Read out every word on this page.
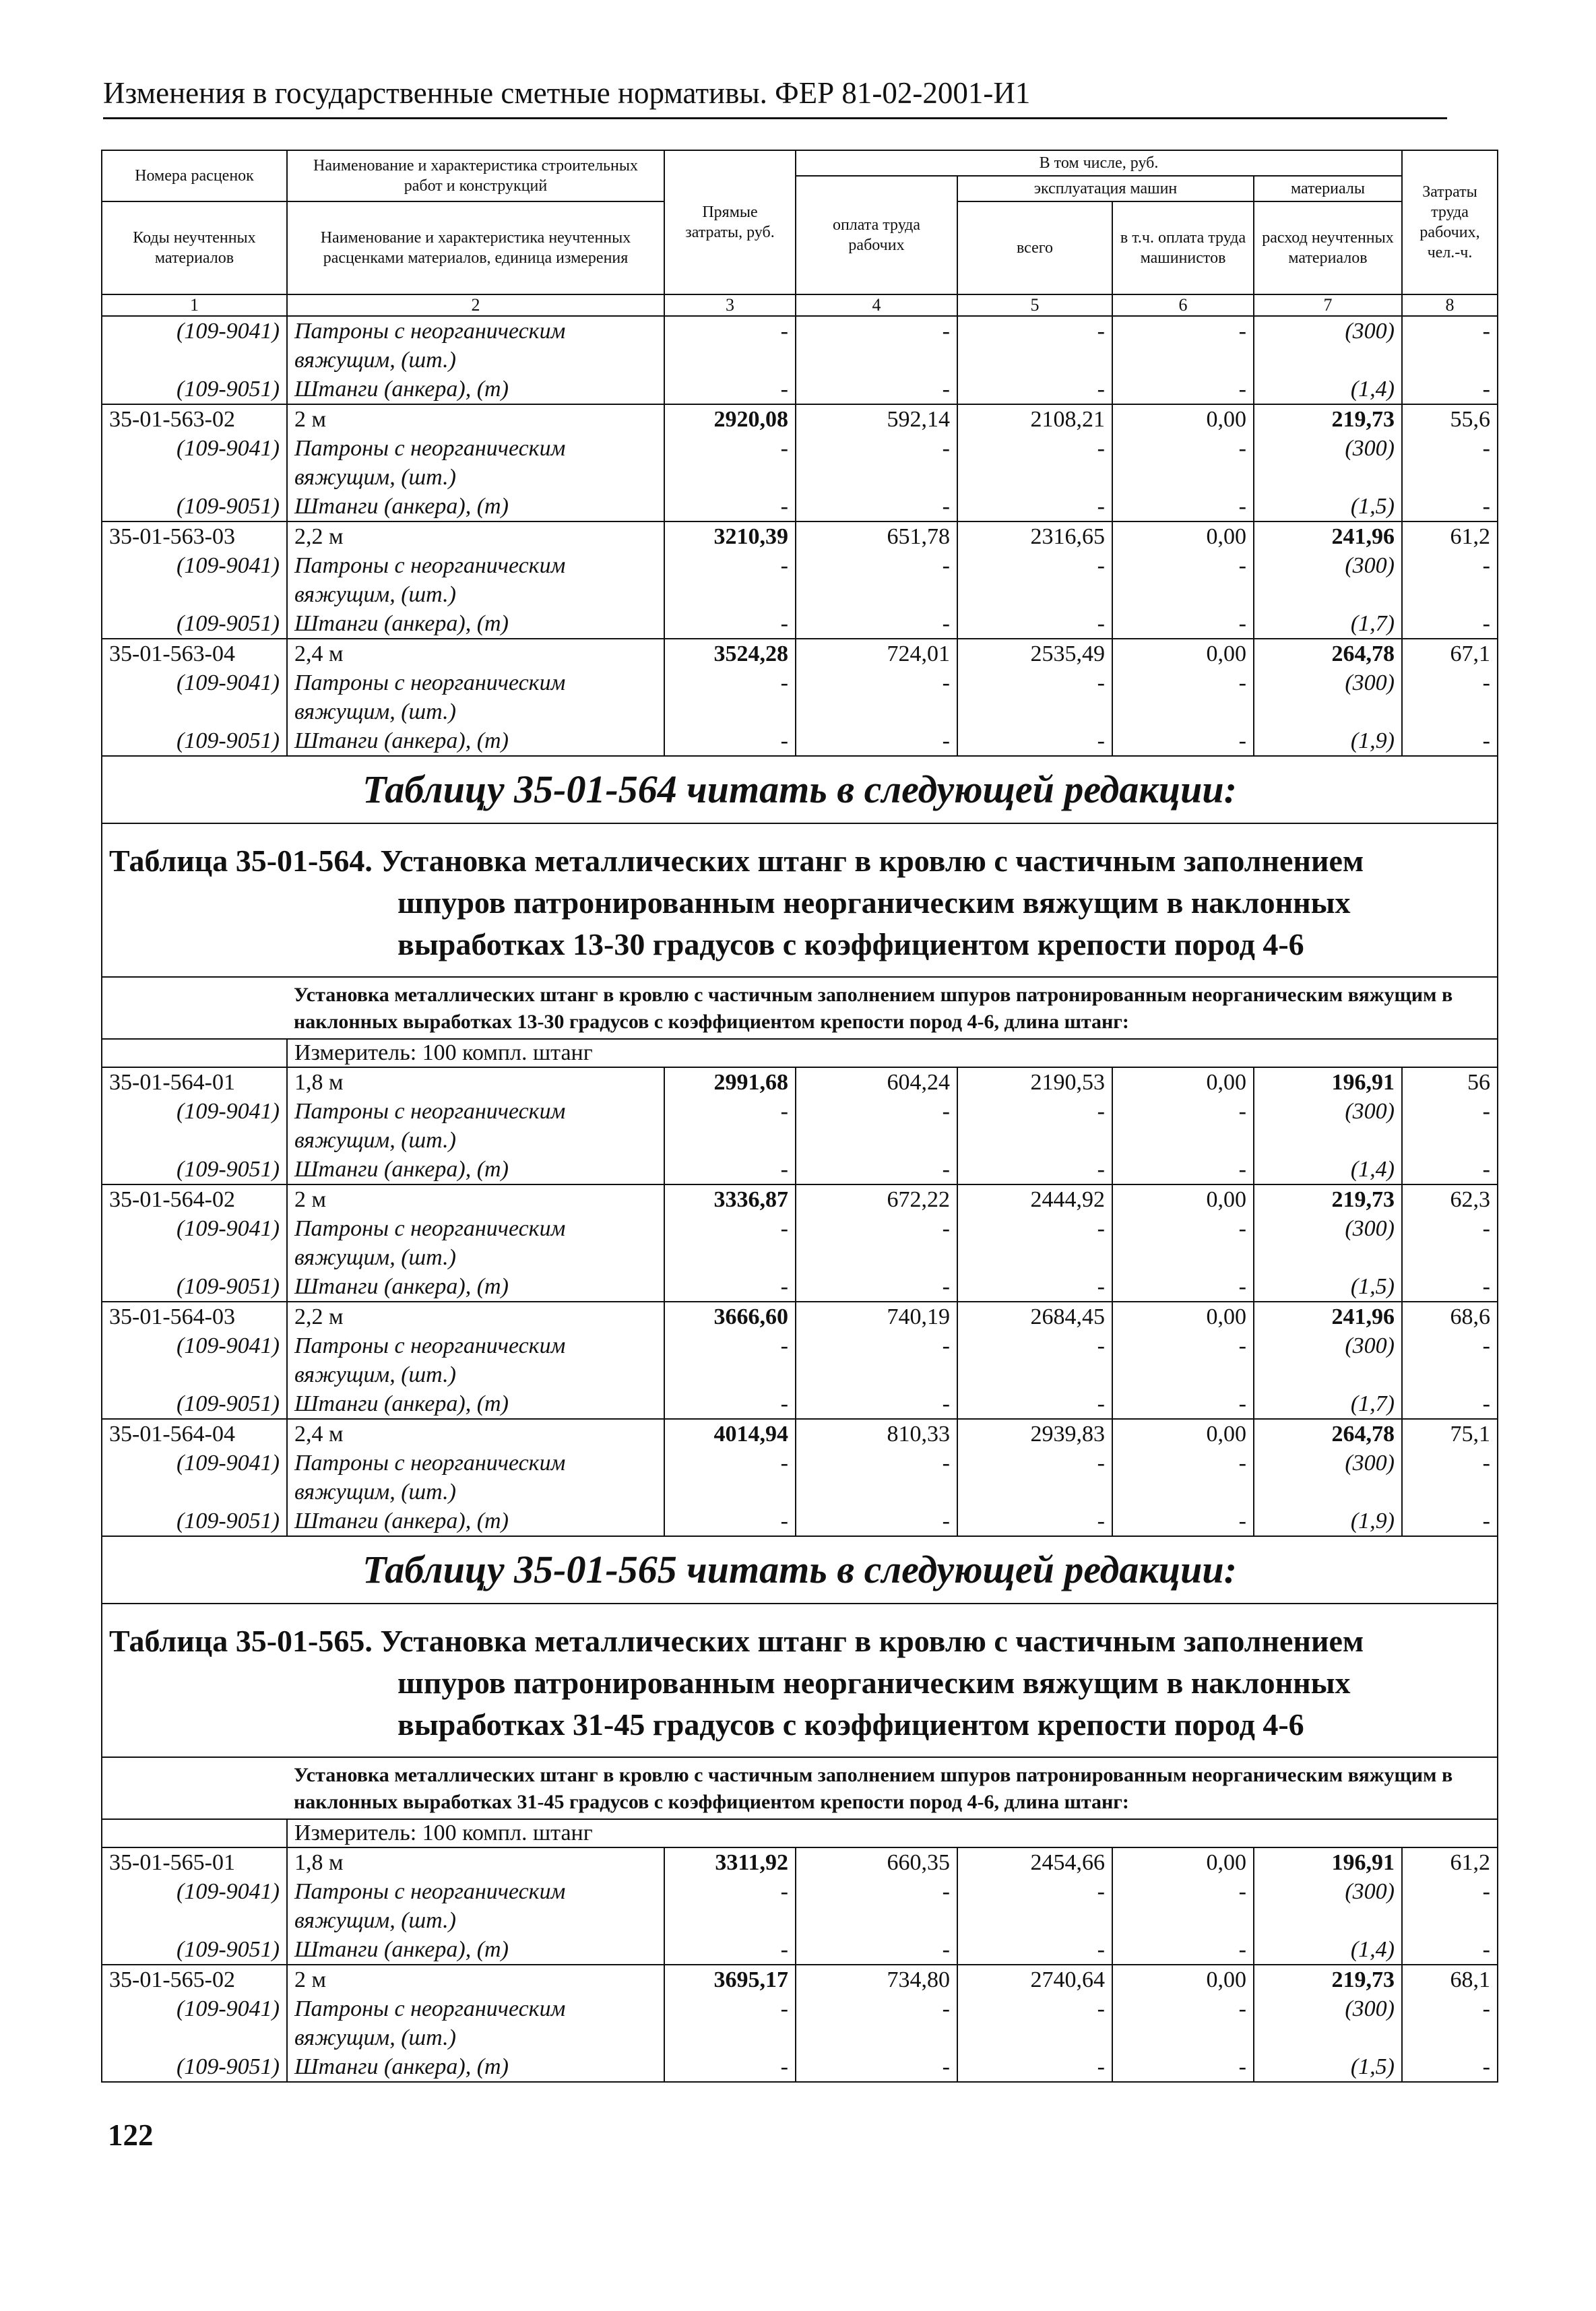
Изменения в государственные сметные нормативы. ФЕР 81-02-2001-И1
Номера расценок	Наименование и характеристика строительных работ и конструкций	Прямые затраты, руб.	В том числе, руб.				Затраты труда рабочих, чел.-ч.
			оплата труда рабочих	эксплуатация машин		материалы	
Коды неучтенных материалов	Наименование и характеристика неучтенных расценками материалов, единица измерения			всего	в т.ч. оплата труда машинистов	расход неучтенных материалов	

1	2	3	4	5	6	7	8
(109-9041)	Патроны с неорганическим вяжущим, (шт.)	-	-	-	-	(300)	-
(109-9051)	Штанги (анкера), (т)	-	-	-	-	(1,4)	-
35-01-563-02	2 м	2920,08	592,14	2108,21	0,00	219,73	55,6
(109-9041)	Патроны с неорганическим вяжущим, (шт.)	-	-	-	-	(300)	-
(109-9051)	Штанги (анкера), (т)	-	-	-	-	(1,5)	-
35-01-563-03	2,2 м	3210,39	651,78	2316,65	0,00	241,96	61,2
(109-9041)	Патроны с неорганическим вяжущим, (шт.)	-	-	-	-	(300)	-
(109-9051)	Штанги (анкера), (т)	-	-	-	-	(1,7)	-
35-01-563-04	2,4 м	3524,28	724,01	2535,49	0,00	264,78	67,1
(109-9041)	Патроны с неорганическим вяжущим, (шт.)	-	-	-	-	(300)	-
(109-9051)	Штанги (анкера), (т)	-	-	-	-	(1,9)	-
Таблицу 35-01-564 читать в следующей редакции:							

Таблица 35-01-564. Установка металлических штанг в кровлю с частичным заполнением
шпуров патронированным неорганическим вяжущим в наклонных
выработках 13-30 градусов с коэффициентом крепости пород 4-6							

	Установка металлических штанг в кровлю с частичным заполнением шпуров патронированным неорганическим вяжущим в наклонных выработках 13-30 градусов с коэффициентом крепости пород 4-6, длина штанг:						
	Измеритель: 100 компл. штанг						
35-01-564-01	1,8 м	2991,68	604,24	2190,53	0,00	196,91	56
(109-9041)	Патроны с неорганическим вяжущим, (шт.)	-	-	-	-	(300)	-
(109-9051)	Штанги (анкера), (т)	-	-	-	-	(1,4)	-
35-01-564-02	2 м	3336,87	672,22	2444,92	0,00	219,73	62,3
(109-9041)	Патроны с неорганическим вяжущим, (шт.)	-	-	-	-	(300)	-
(109-9051)	Штанги (анкера), (т)	-	-	-	-	(1,5)	-
35-01-564-03	2,2 м	3666,60	740,19	2684,45	0,00	241,96	68,6
(109-9041)	Патроны с неорганическим вяжущим, (шт.)	-	-	-	-	(300)	-
(109-9051)	Штанги (анкера), (т)	-	-	-	-	(1,7)	-
35-01-564-04	2,4 м	4014,94	810,33	2939,83	0,00	264,78	75,1
(109-9041)	Патроны с неорганическим вяжущим, (шт.)	-	-	-	-	(300)	-
(109-9051)	Штанги (анкера), (т)	-	-	-	-	(1,9)	-
Таблицу 35-01-565 читать в следующей редакции:							

Таблица 35-01-565. Установка металлических штанг в кровлю с частичным заполнением
шпуров патронированным неорганическим вяжущим в наклонных
выработках 31-45 градусов с коэффициентом крепости пород 4-6							

	Установка металлических штанг в кровлю с частичным заполнением шпуров патронированным неорганическим вяжущим в наклонных выработках 31-45 градусов с коэффициентом крепости пород 4-6, длина штанг:						
	Измеритель: 100 компл. штанг						
35-01-565-01	1,8 м	3311,92	660,35	2454,66	0,00	196,91	61,2
(109-9041)	Патроны с неорганическим вяжущим, (шт.)	-	-	-	-	(300)	-
(109-9051)	Штанги (анкера), (т)	-	-	-	-	(1,4)	-
35-01-565-02	2 м	3695,17	734,80	2740,64	0,00	219,73	68,1
(109-9041)	Патроны с неорганическим вяжущим, (шт.)	-	-	-	-	(300)	-
(109-9051)	Штанги (анкера), (т)	-	-	-	-	(1,5)	-
122
